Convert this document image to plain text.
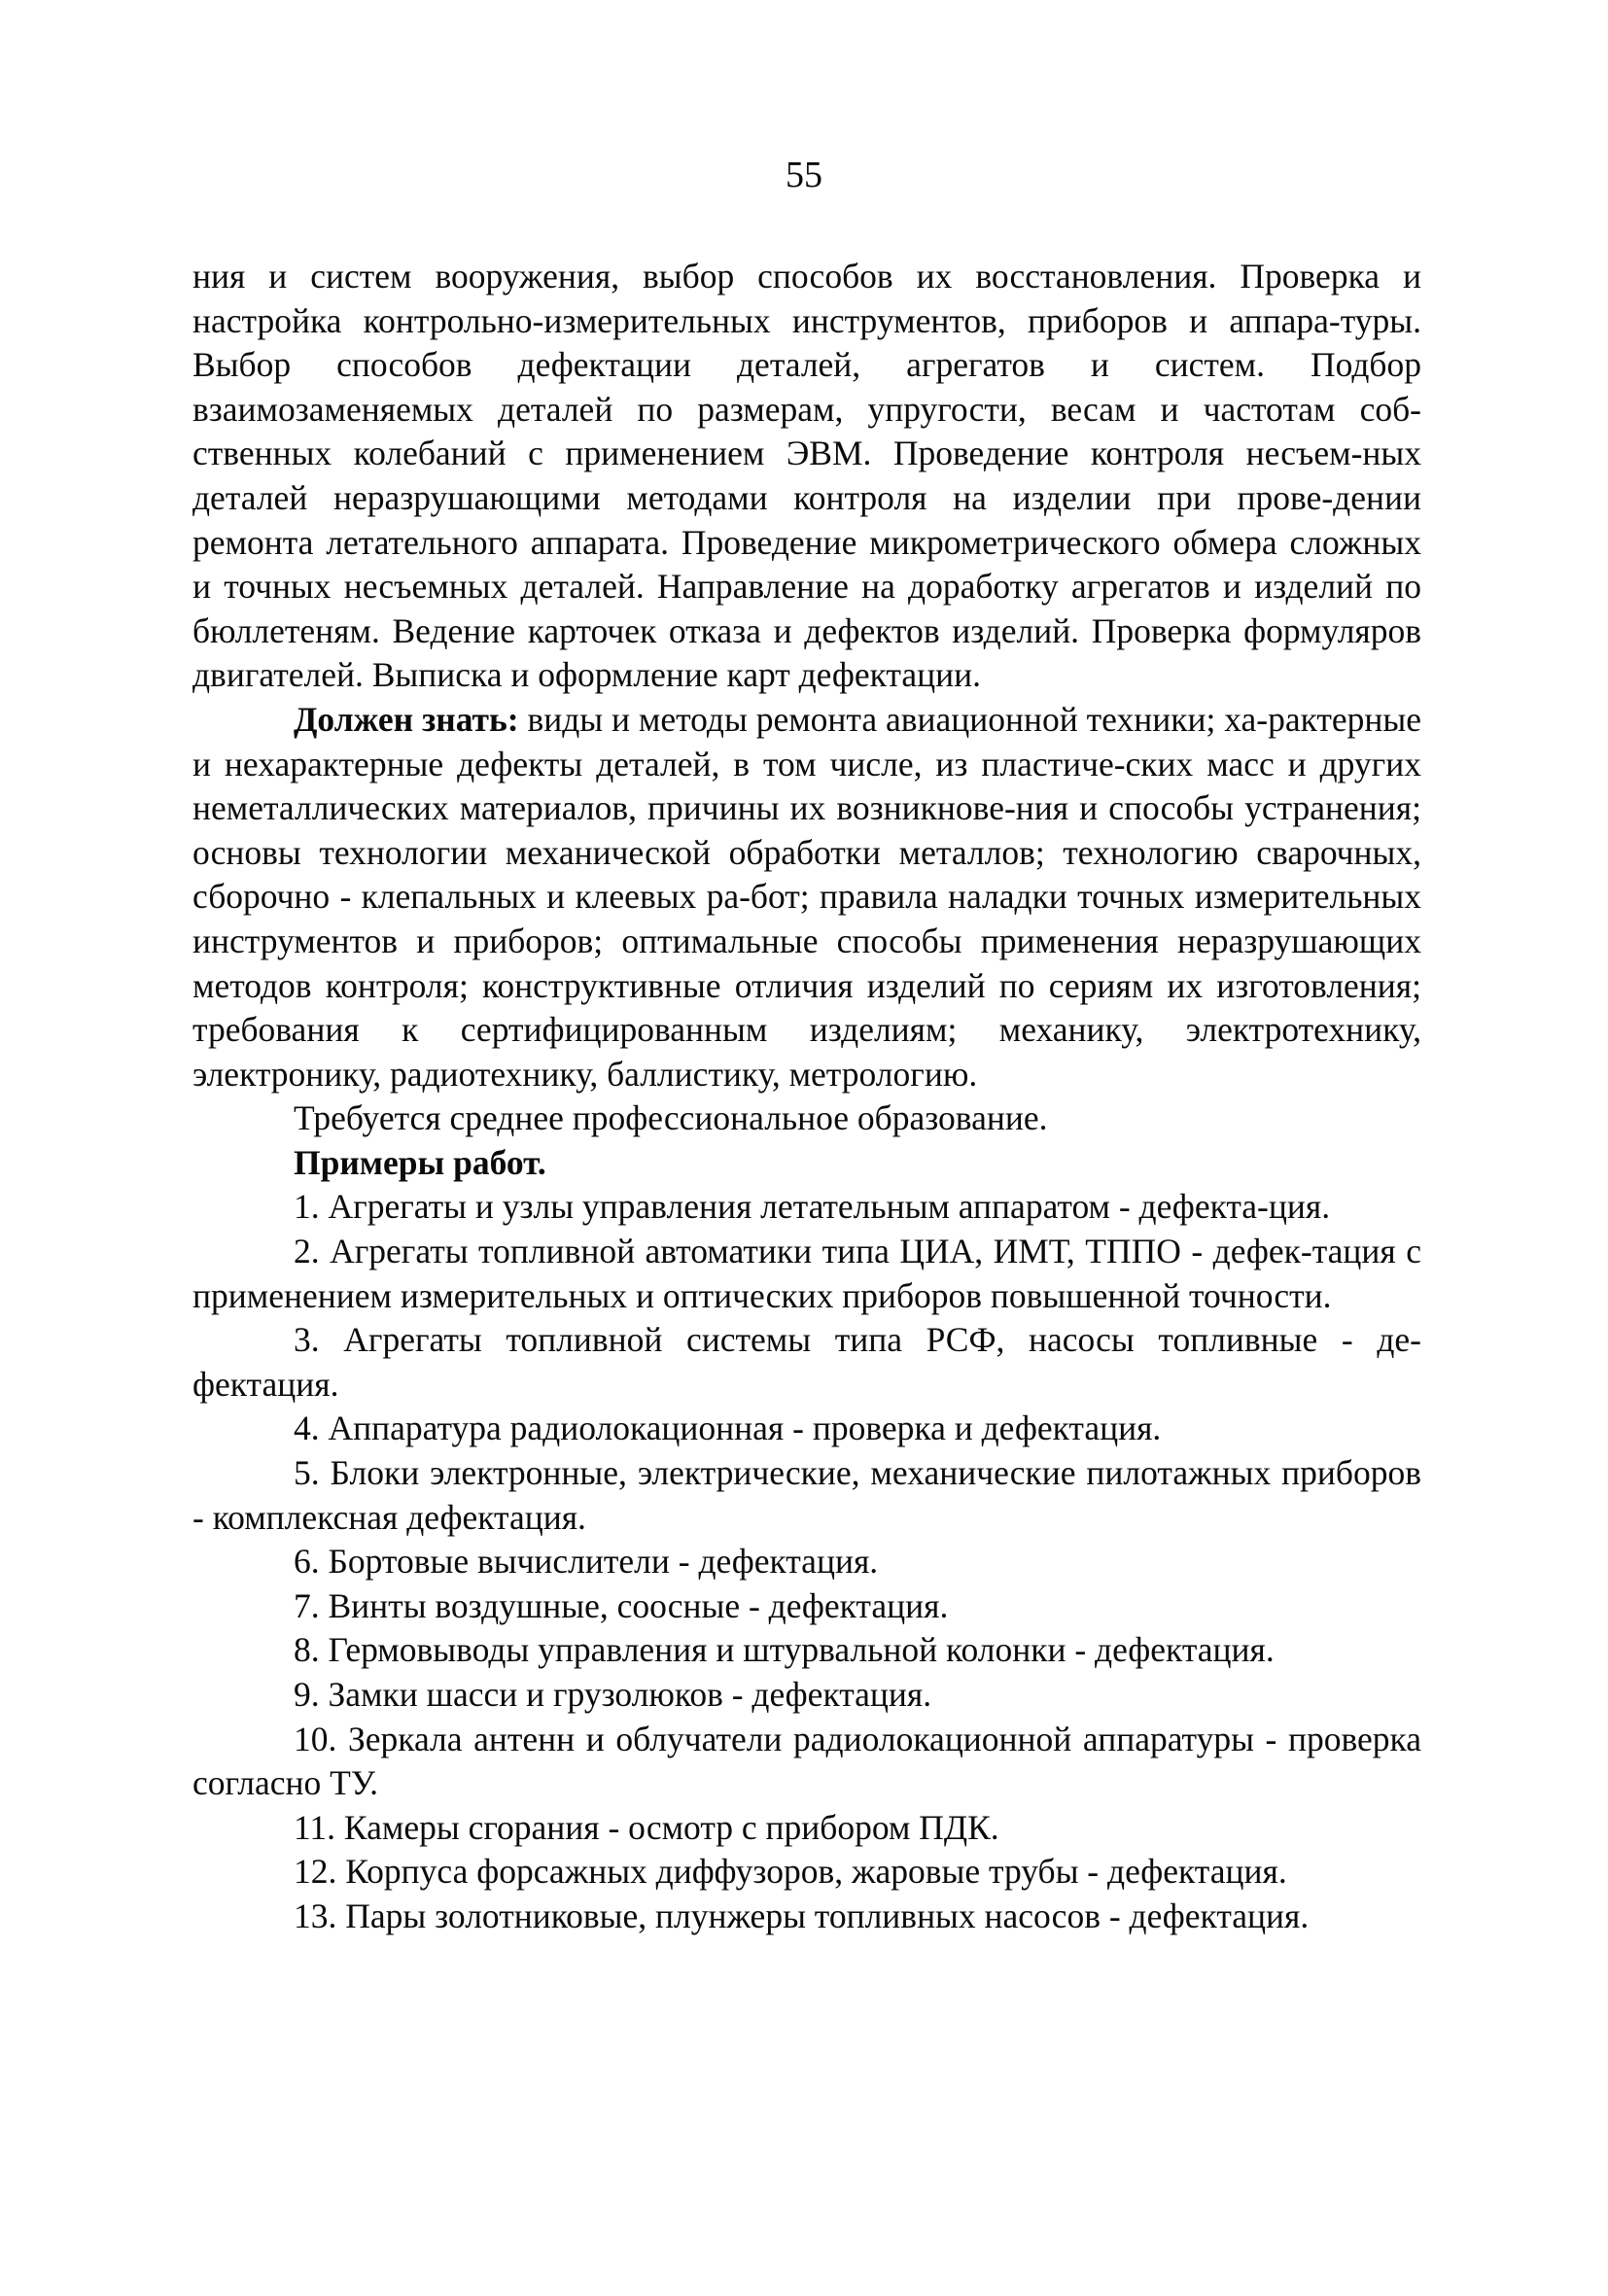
55

ния и систем вооружения, выбор способов их восстановления. Проверка и настройка контрольно-измерительных инструментов, приборов и аппара-туры. Выбор способов дефектации деталей, агрегатов и систем. Подбор взаимозаменяемых деталей по размерам, упругости, весам и частотам соб-ственных колебаний с применением ЭВМ. Проведение контроля несъем-ных деталей неразрушающими методами контроля на изделии при прове-дении ремонта летательного аппарата. Проведение микрометрического обмера сложных и точных несъемных деталей. Направление на доработку агрегатов и изделий по бюллетеням. Ведение карточек отказа и дефектов изделий. Проверка формуляров двигателей. Выписка и оформление карт дефектации.

Должен знать: виды и методы ремонта авиационной техники; ха-рактерные и нехарактерные дефекты деталей, в том числе, из пластиче-ских масс и других неметаллических материалов, причины их возникнове-ния и способы устранения; основы технологии механической обработки металлов; технологию сварочных, сборочно - клепальных и клеевых ра-бот; правила наладки точных измерительных инструментов и приборов; оптимальные способы применения неразрушающих методов контроля; конструктивные отличия изделий по сериям их изготовления; требования к сертифицированным изделиям; механику, электротехнику, электронику, радиотехнику, баллистику, метрологию.

Требуется среднее профессиональное образование.

Примеры работ.

1. Агрегаты и узлы управления летательным аппаратом - дефекта-ция.

2. Агрегаты топливной автоматики типа ЦИА, ИМТ, ТППО - дефек-тация с применением измерительных и оптических приборов повышенной точности.

3. Агрегаты топливной системы типа РСФ, насосы топливные - де-фектация.

4. Аппаратура радиолокационная - проверка и дефектация.

5. Блоки электронные, электрические, механические пилотажных приборов - комплексная дефектация.

6. Бортовые вычислители - дефектация.

7. Винты воздушные, соосные - дефектация.

8. Гермовыводы управления и штурвальной колонки - дефектация.

9. Замки шасси и грузолюков - дефектация.

10. Зеркала антенн и облучатели радиолокационной аппаратуры - проверка согласно ТУ.

11. Камеры сгорания - осмотр с прибором ПДК.

12. Корпуса форсажных диффузоров, жаровые трубы - дефектация.

13. Пары золотниковые, плунжеры топливных насосов - дефектация.
